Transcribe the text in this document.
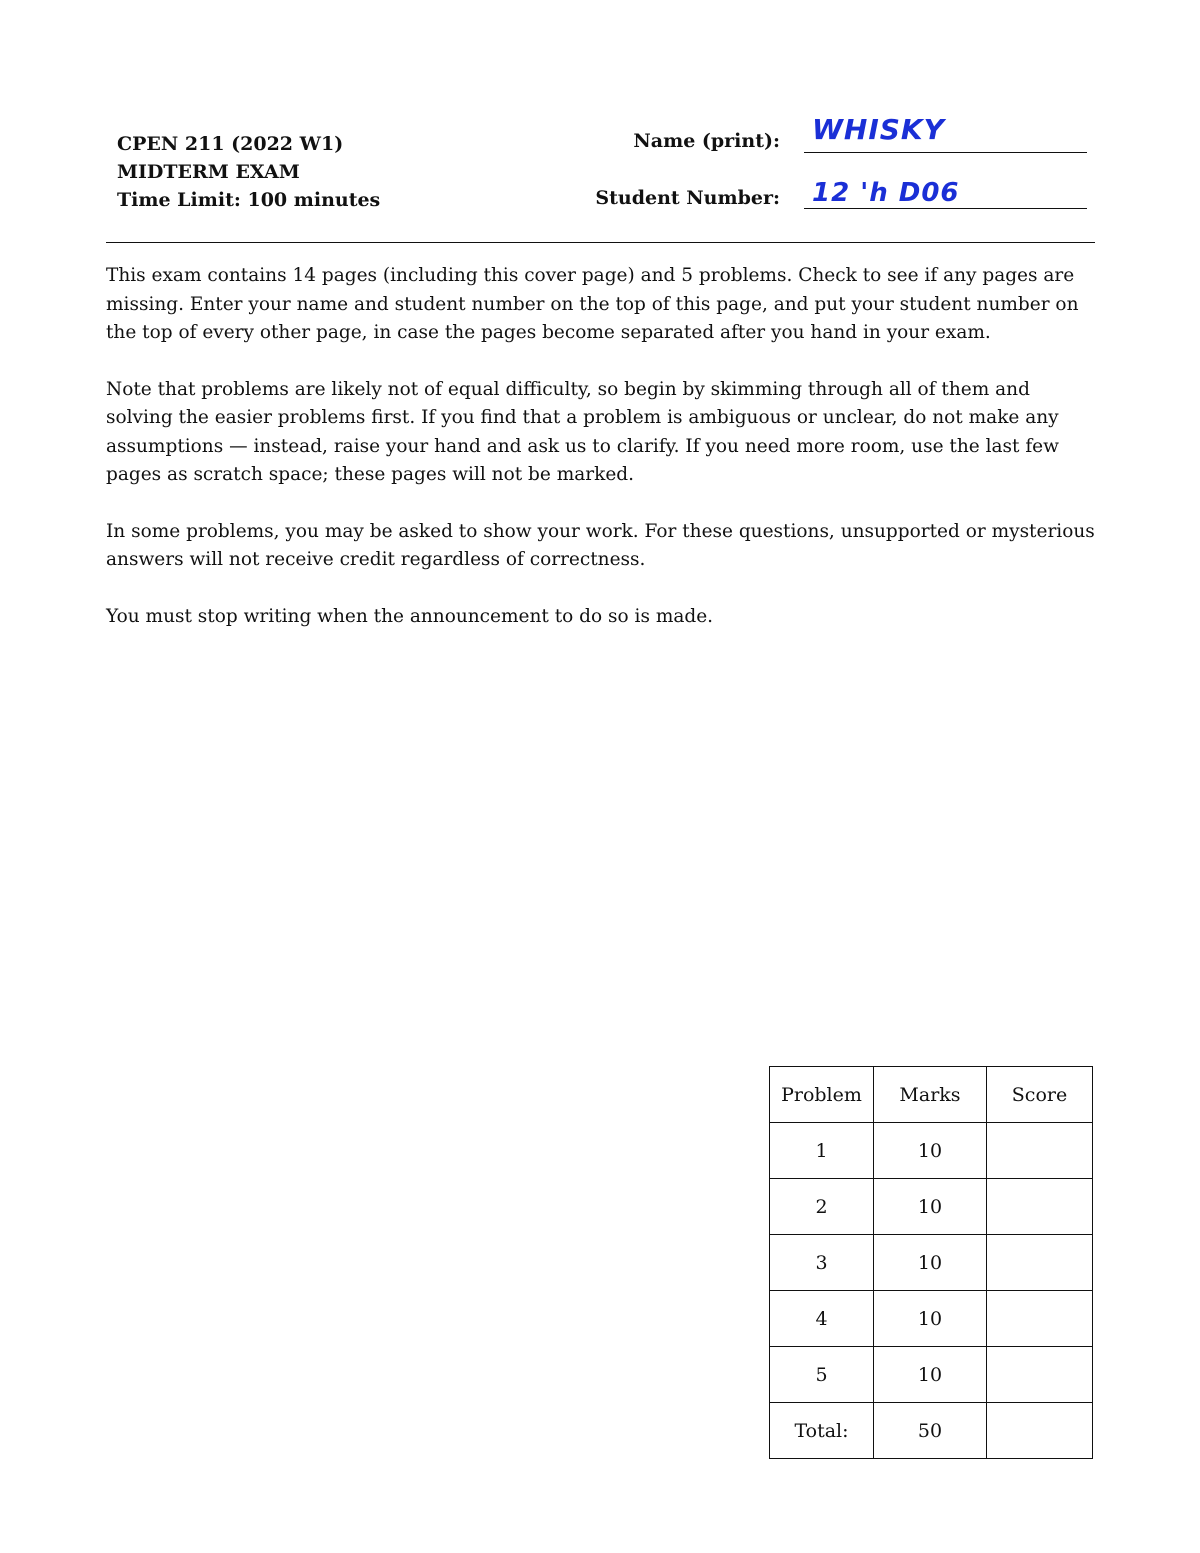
CPEN 211 (2022 W1)
MIDTERM EXAM
Time Limit: 100 minutes
Name (print): WHISKY
Student Number: 12 'h D06

This exam contains 14 pages (including this cover page) and 5 problems. Check to see if any pages are missing. Enter your name and student number on the top of this page, and put your student number on the top of every other page, in case the pages become separated after you hand in your exam.

Note that problems are likely not of equal difficulty, so begin by skimming through all of them and solving the easier problems first. If you find that a problem is ambiguous or unclear, do not make any assumptions — instead, raise your hand and ask us to clarify. If you need more room, use the last few pages as scratch space; these pages will not be marked.

In some problems, you may be asked to show your work. For these questions, unsupported or mysterious answers will not receive credit regardless of correctness.

You must stop writing when the announcement to do so is made.

Problem	Marks	Score
1	10	
2	10	
3	10	
4	10	
5	10	
Total:	50	
